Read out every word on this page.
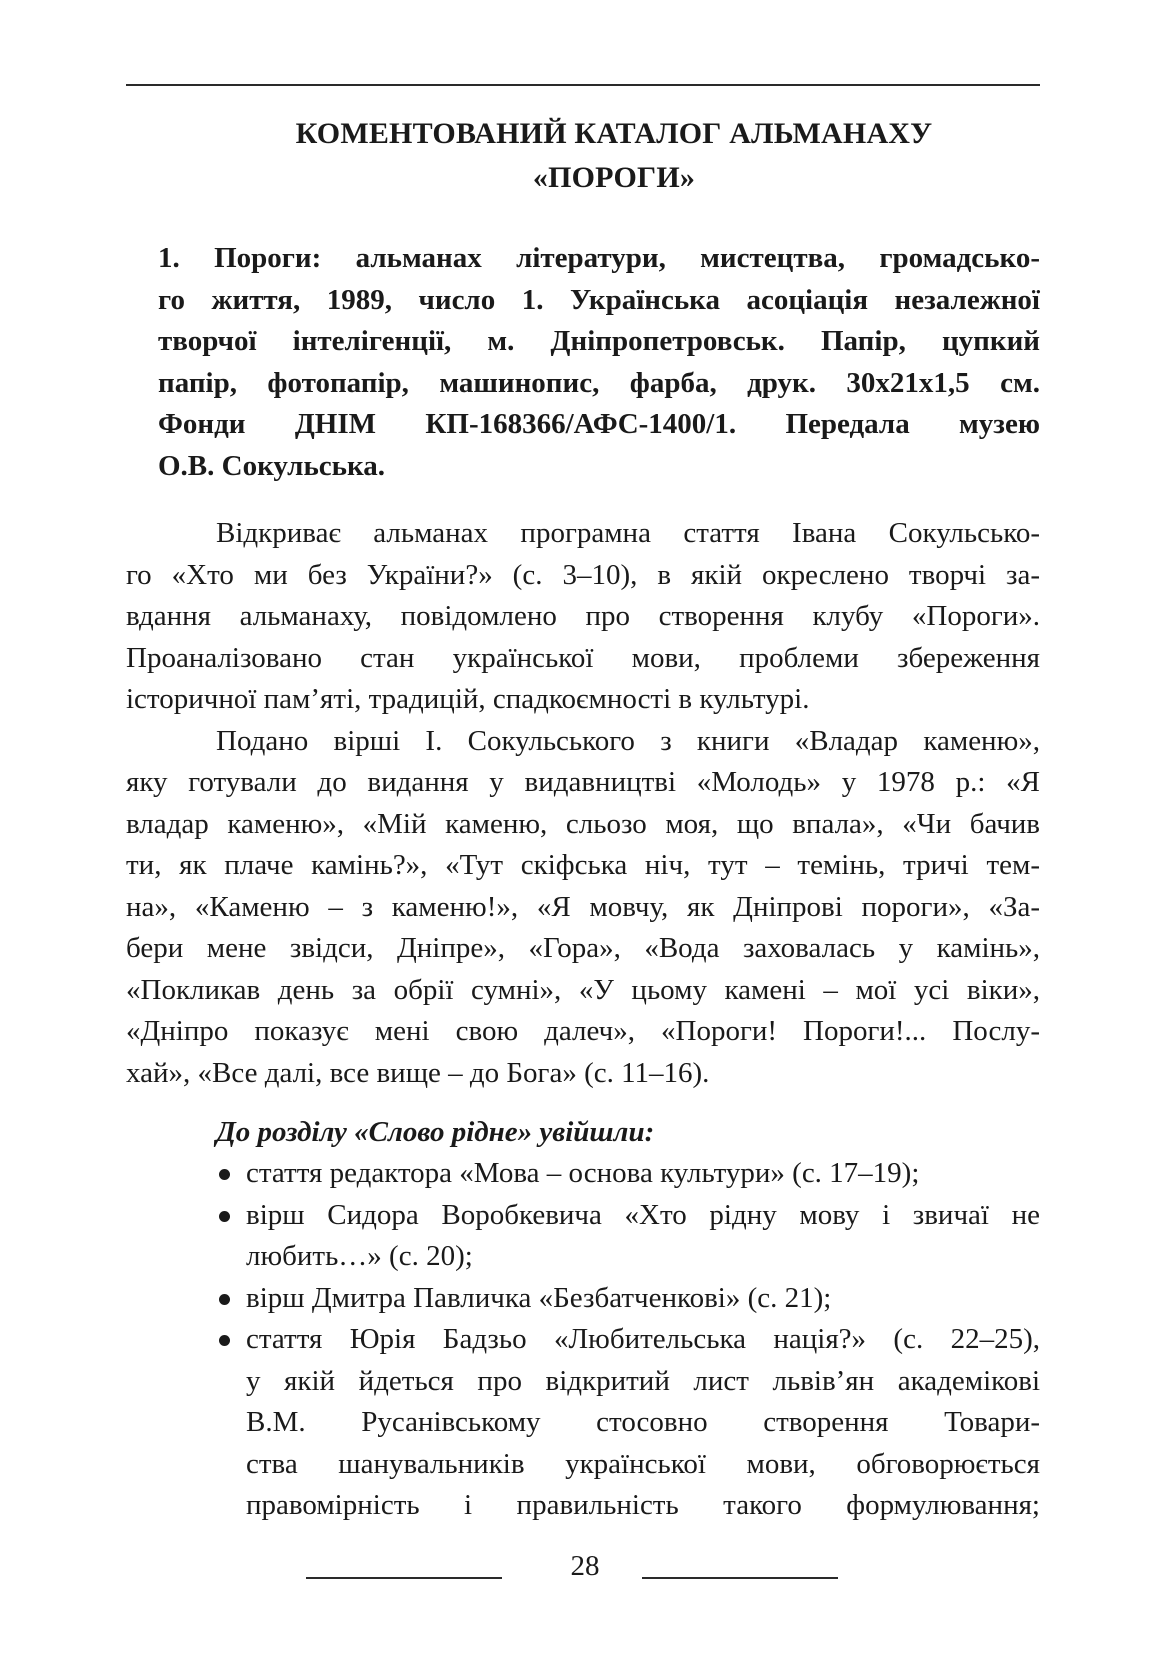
КОМЕНТОВАНИЙ КАТАЛОГ АЛЬМАНАХУ
«ПОРОГИ»
1. Пороги: альманах літератури, мистецтва, громадсько-
го життя, 1989, число 1. Українська асоціація незалежної
творчої інтелігенції, м. Дніпропетровськ. Папір, цупкий
папір, фотопапір, машинопис, фарба, друк. 30х21х1,5 см.
Фонди ДНІМ КП-168366/АФС-1400/1. Передала музею
О.В. Сокульська.
Відкриває альманах програмна стаття Івана Сокульсько-
го «Хто ми без України?» (с. 3–10), в якій окреслено творчі за-
вдання альманаху, повідомлено про створення клубу «Пороги».
Проаналізовано стан української мови, проблеми збереження
історичної пам’яті, традицій, спадкоємності в культурі.
Подано вірші І. Сокульського з книги «Владар каменю»,
яку готували до видання у видавництві «Молодь» у 1978 р.: «Я
владар каменю», «Мій каменю, сльозо моя, що впала», «Чи бачив
ти, як плаче камінь?», «Тут скіфська ніч, тут – темінь, тричі тем-
на», «Каменю – з каменю!», «Я мовчу, як Дніпрові пороги», «За-
бери мене звідси, Дніпре», «Гора», «Вода заховалась у камінь»,
«Покликав день за обрії сумні», «У цьому камені – мої усі віки»,
«Дніпро показує мені свою далеч», «Пороги! Пороги!... Послу-
хай», «Все далі, все вище – до Бога» (с. 11–16).
До розділу «Слово рідне» увійшли:
стаття редактора «Мова – основа культури» (с. 17–19);
вірш Сидора Воробкевича «Хто рідну мову і звичаї не
любить…» (с. 20);
вірш Дмитра Павличка «Безбатченкові» (с. 21);
стаття Юрія Бадзьо «Любительська нація?» (с. 22–25),
у якій йдеться про відкритий лист львів’ян академікові
В.М. Русанівському стосовно створення Товари-
ства шанувальників української мови, обговорюється
правомірність і правильність такого формулювання;
28
